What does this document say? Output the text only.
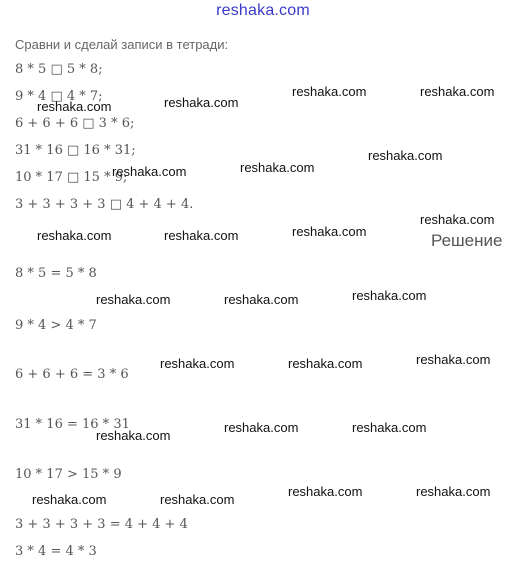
reshaka.com
Сравни и сделай записи в тетради:
8 * 5 □ 5 * 8;
9 * 4 □ 4 * 7;
6 + 6 + 6 □ 3 * 6;
31 * 16 □ 16 * 31;
10 * 17 □ 15 * 9;
3 + 3 + 3 + 3 □ 4 + 4 + 4.
Решение
8 * 5 = 5 * 8
9 * 4 > 4 * 7
6 + 6 + 6 = 3 * 6
31 * 16 = 16 * 31
10 * 17 > 15 * 9
3 + 3 + 3 + 3 = 4 + 4 + 4
3 * 4 = 4 * 3
reshaka.com	reshaka.com
reshaka.com	reshaka.com
reshaka.com	reshaka.com
reshaka.com
reshaka.com
reshaka.com	reshaka.com	reshaka.com
reshaka.com	reshaka.com	reshaka.com
reshaka.com	reshaka.com	reshaka.com
reshaka.com
reshaka.com	reshaka.com
reshaka.com	reshaka.com
reshaka.com	reshaka.com
